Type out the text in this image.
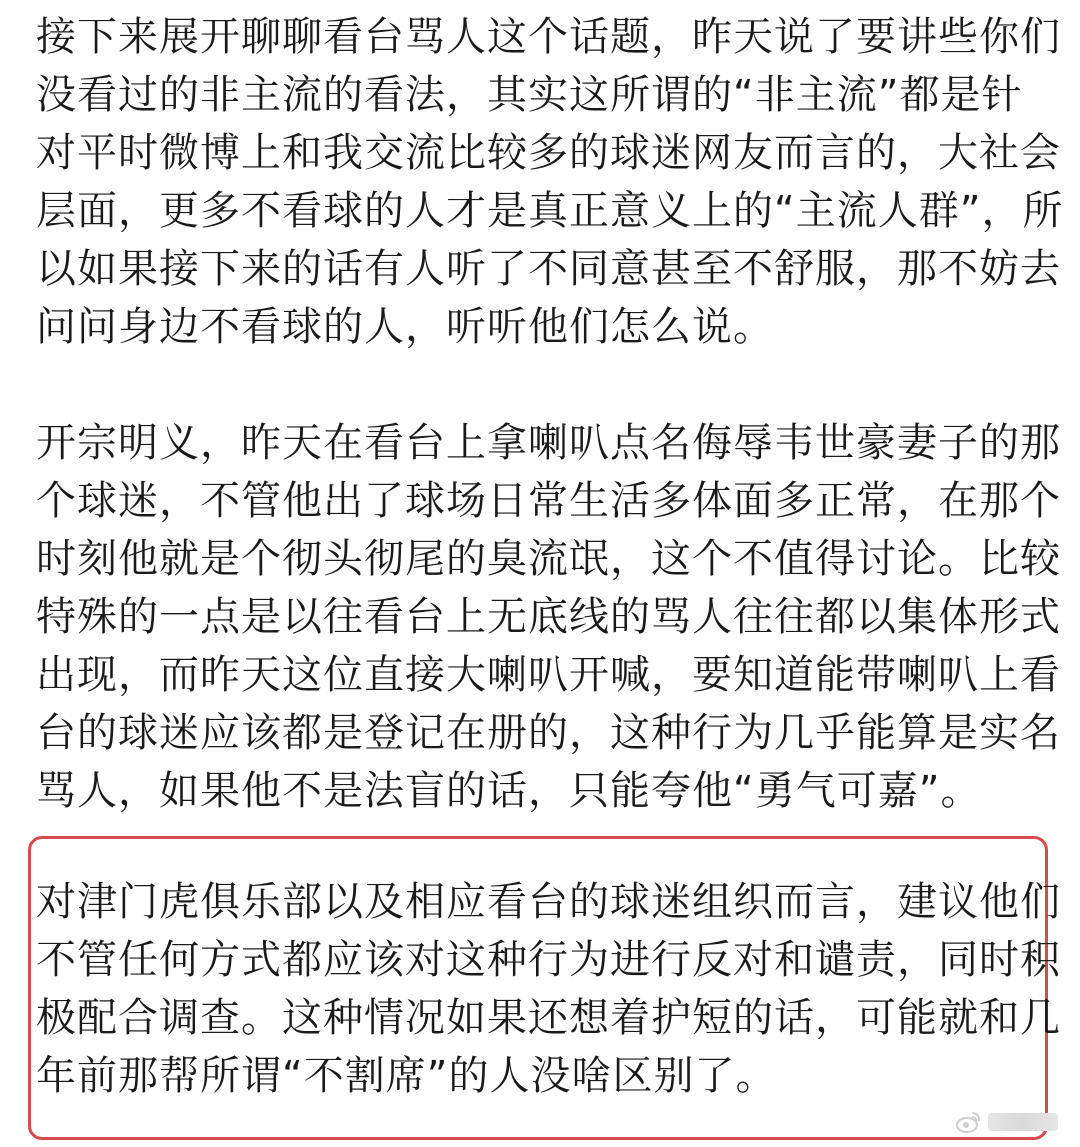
接下来展开聊聊看台骂人这个话题，昨天说了要讲些你们
没看过的非主流的看法，其实这所谓的“非主流”都是针
对平时微博上和我交流比较多的球迷网友而言的，大社会
层面，更多不看球的人才是真正意义上的“主流人群”，所
以如果接下来的话有人听了不同意甚至不舒服，那不妨去
问问身边不看球的人，听听他们怎么说。
开宗明义，昨天在看台上拿喇叭点名侮辱韦世豪妻子的那
个球迷，不管他出了球场日常生活多体面多正常，在那个
时刻他就是个彻头彻尾的臭流氓，这个不值得讨论。比较
特殊的一点是以往看台上无底线的骂人往往都以集体形式
出现，而昨天这位直接大喇叭开喊，要知道能带喇叭上看
台的球迷应该都是登记在册的，这种行为几乎能算是实名
骂人，如果他不是法盲的话，只能夸他“勇气可嘉”。
对津门虎俱乐部以及相应看台的球迷组织而言，建议他们
不管任何方式都应该对这种行为进行反对和谴责，同时积
极配合调查。这种情况如果还想着护短的话，可能就和几
年前那帮所谓“不割席”的人没啥区别了。
